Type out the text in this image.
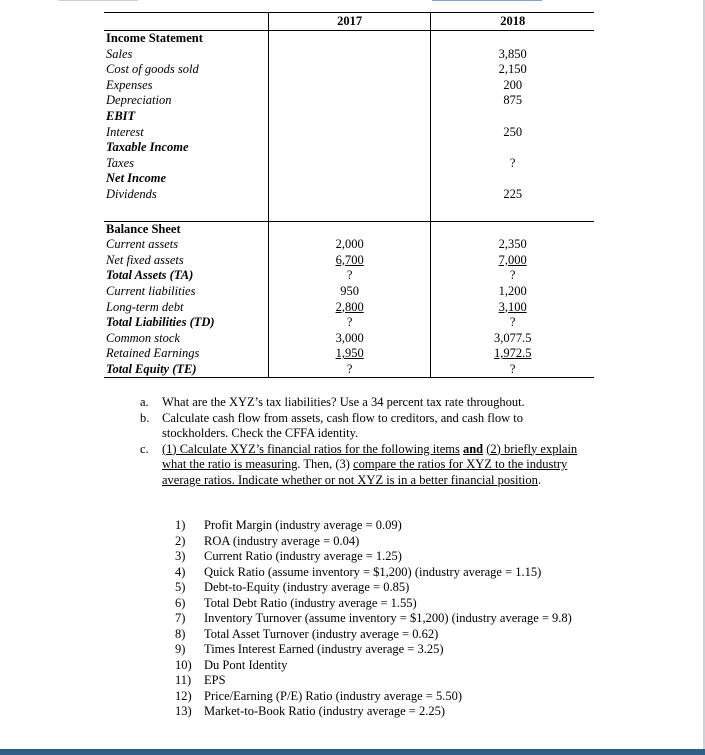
	2017	2018
Income Statement		
Sales		3,850
Cost of goods sold		2,150
Expenses		200
Depreciation		875
EBIT		
Interest		250
Taxable Income		
Taxes		?
Net Income		
Dividends		225

Balance Sheet		
Current assets	2,000	2,350
Net fixed assets	6,700	7,000
Total Assets (TA)	?	?
Current liabilities	950	1,200
Long-term debt	2,800	3,100
Total Liabilities (TD)	?	?
Common stock	3,000	3,077.5
Retained Earnings	1,950	1,972.5
Total Equity (TE)	?	?

a. What are the XYZ’s tax liabilities? Use a 34 percent tax rate throughout.

b. Calculate cash flow from assets, cash flow to creditors, and cash flow to stockholders. Check the CFFA identity.

c. (1) Calculate XYZ’s financial ratios for the following items and (2) briefly explain what the ratio is measuring. Then, (3) compare the ratios for XYZ to the industry average ratios. Indicate whether or not XYZ is in a better financial position.

1) Profit Margin (industry average = 0.09)
2) ROA (industry average = 0.04)
3) Current Ratio (industry average = 1.25)
4) Quick Ratio (assume inventory = $1,200) (industry average = 1.15)
5) Debt-to-Equity (industry average = 0.85)
6) Total Debt Ratio (industry average = 1.55)
7) Inventory Turnover (assume inventory = $1,200) (industry average = 9.8)
8) Total Asset Turnover (industry average = 0.62)
9) Times Interest Earned (industry average = 3.25)
10) Du Pont Identity
11) EPS
12) Price/Earning (P/E) Ratio (industry average = 5.50)
13) Market-to-Book Ratio (industry average = 2.25)
